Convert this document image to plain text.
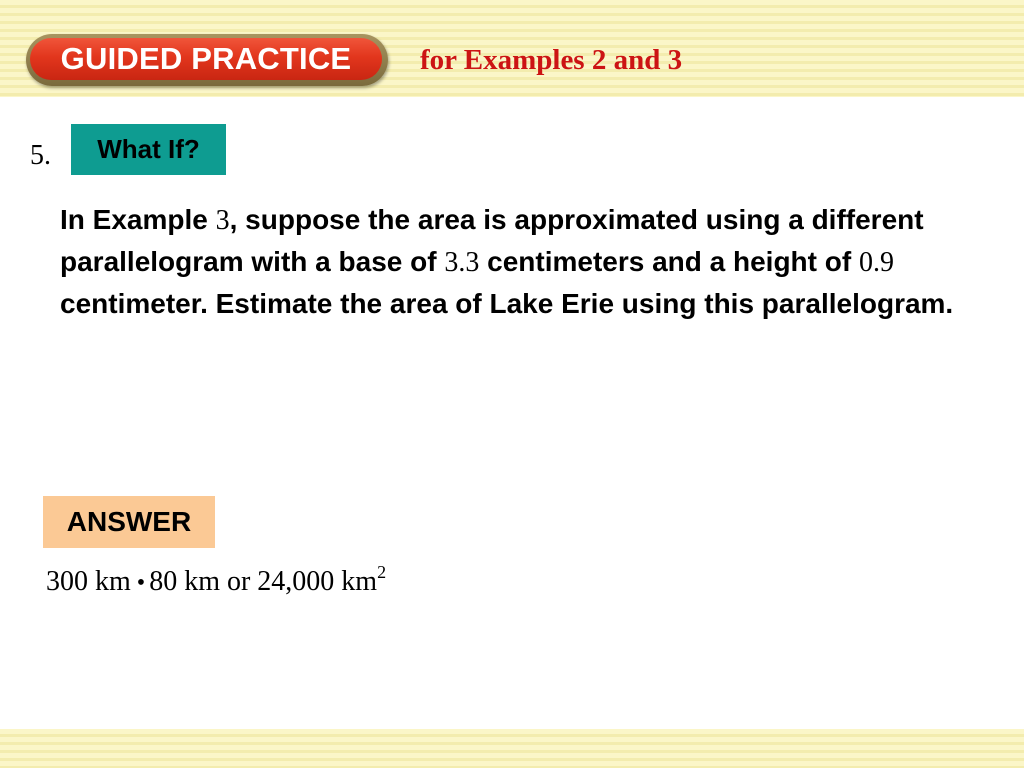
GUIDED PRACTICE	for Examples 2 and 3
5.	What If?
In Example 3, suppose the area is approximated using a different parallelogram with a base of 3.3 centimeters and a height of 0.9 centimeter. Estimate the area of Lake Erie using this parallelogram.
ANSWER
300 km • 80 km or 24,000 $km^2$
